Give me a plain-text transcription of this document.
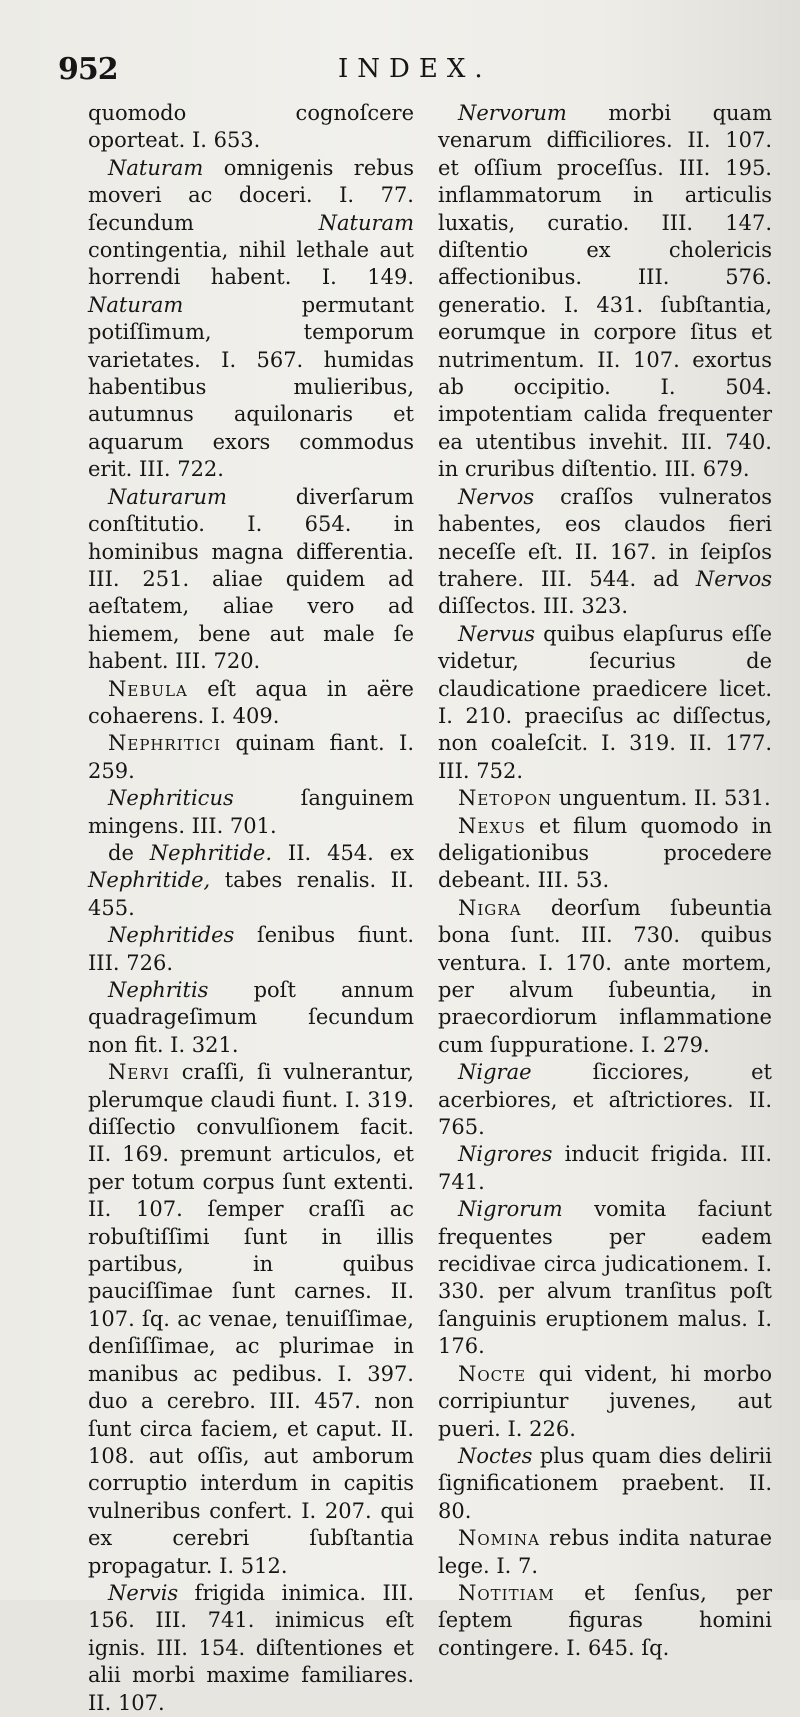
952	INDEX.

quomodo cognoſcere oporteat. I. 653.

Naturam omnigenis rebus moveri ac doceri. I. 77. ſecundum Naturam contingentia, nihil lethale aut horrendi habent. I. 149. Naturam permutant potiſſimum, temporum varietates. I. 567. humidas habentibus mulieribus, autumnus aquilonaris et aquarum exors commodus erit. III. 722.

Naturarum diverſarum conſtitutio. I. 654. in hominibus magna differentia. III. 251. aliae quidem ad aeſtatem, aliae vero ad hiemem, bene aut male ſe habent. III. 720.

Nebula eſt aqua in aëre cohaerens. I. 409.

Nephritici quinam fiant. I. 259.

Nephriticus ſanguinem mingens. III. 701.

de Nephritide. II. 454. ex Nephritide, tabes renalis. II. 455.

Nephritides ſenibus fiunt. III. 726.

Nephritis poſt annum quadrageſimum ſecundum non fit. I. 321.

Nervi craſſi, ſi vulnerantur, plerumque claudi fiunt. I. 319. diſſectio convulſionem facit. II. 169. premunt articulos, et per totum corpus ſunt extenti. II. 107. ſemper craſſi ac robuſtiſſimi ſunt in illis partibus, in quibus pauciſſimae ſunt carnes. II. 107. ſq. ac venae, tenuiſſimae, denſiſſimae, ac plurimae in manibus ac pedibus. I. 397. duo a cerebro. III. 457. non ſunt circa faciem, et caput. II. 108. aut oſſis, aut amborum corruptio interdum in capitis vulneribus confert. I. 207. qui ex cerebri ſubſtantia propagatur. I. 512.

Nervis frigida inimica. III. 156. III. 741. inimicus eſt ignis. III. 154. diſtentiones et alii morbi maxime familiares. II. 107.

Nervorum morbi quam venarum difficiliores. II. 107. et oſſium proceſſus. III. 195. inflammatorum in articulis luxatis, curatio. III. 147. diſtentio ex cholericis affectionibus. III. 576. generatio. I. 431. ſubſtantia, eorumque in corpore ſitus et nutrimentum. II. 107. exortus ab occipitio. I. 504. impotentiam calida frequenter ea utentibus invehit. III. 740. in cruribus diſtentio. III. 679.

Nervos craſſos vulneratos habentes, eos claudos fieri neceſſe eſt. II. 167. in ſeipſos trahere. III. 544. ad Nervos diſſectos. III. 323.

Nervus quibus elapſurus eſſe videtur, ſecurius de claudicatione praedicere licet. I. 210. praeciſus ac diſſectus, non coaleſcit. I. 319. II. 177. III. 752.

Netopon unguentum. II. 531.

Nexus et filum quomodo in deligationibus procedere debeant. III. 53.

Nigra deorſum ſubeuntia bona ſunt. III. 730. quibus ventura. I. 170. ante mortem, per alvum ſubeuntia, in praecordiorum inflammatione cum ſuppuratione. I. 279.

Nigrae ſicciores, et acerbiores, et aſtrictiores. II. 765.

Nigrores inducit frigida. III. 741.

Nigrorum vomita faciunt frequentes per eadem recidivae circa judicationem. I. 330. per alvum tranſitus poſt ſanguinis eruptionem malus. I. 176.

Nocte qui vident, hi morbo corripiuntur juvenes, aut pueri. I. 226.

Noctes plus quam dies delirii ſignificationem praebent. II. 80.

Nomina rebus indita naturae lege. I. 7.

Notitiam et ſenſus, per ſeptem figuras homini contingere. I. 645. ſq.
